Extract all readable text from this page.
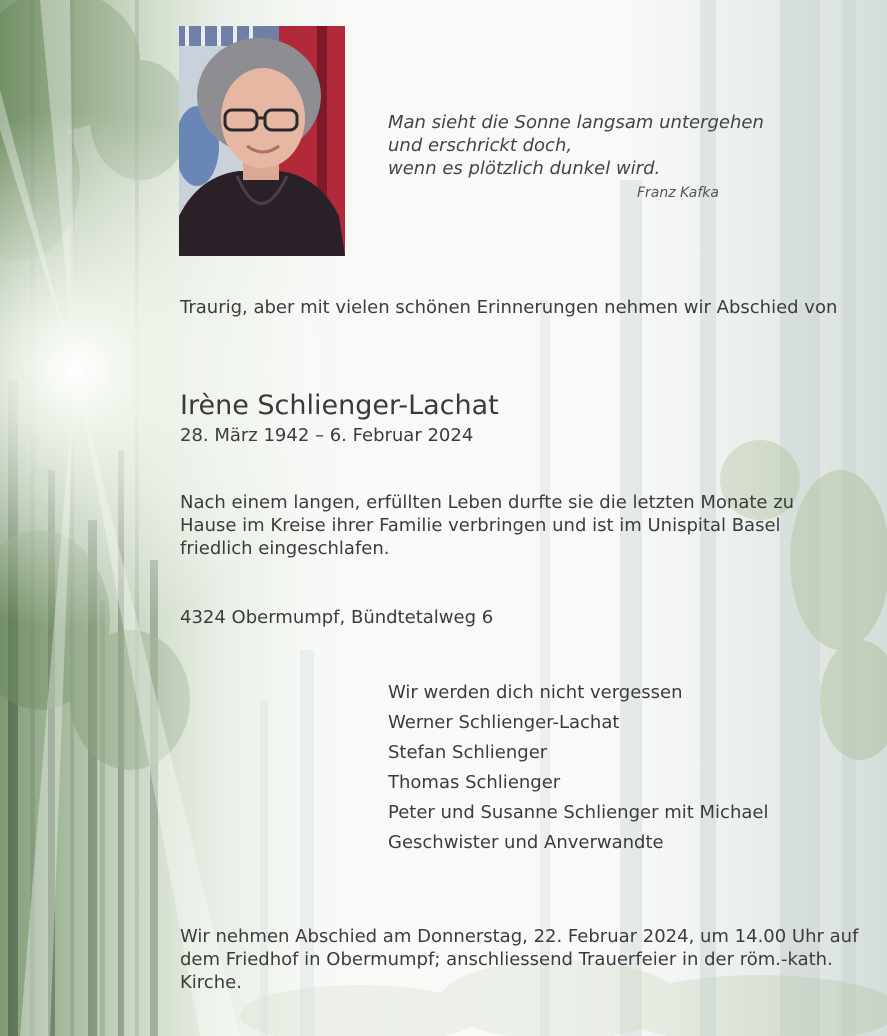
Man sieht die Sonne langsam untergehen
und erschrickt doch,
wenn es plötzlich dunkel wird.
Franz Kafka
Traurig, aber mit vielen schönen Erinnerungen nehmen wir Abschied von
Irène Schlienger-Lachat
28. März 1942 – 6. Februar 2024
Nach einem langen, erfüllten Leben durfte sie die letzten Monate zu Hause im Kreise ihrer Familie verbringen und ist im Unispital Basel friedlich eingeschlafen.
4324 Obermumpf, Bündtetalweg 6
Wir werden dich nicht vergessen
Werner Schlienger-Lachat
Stefan Schlienger
Thomas Schlienger
Peter und Susanne Schlienger mit Michael
Geschwister und Anverwandte
Wir nehmen Abschied am Donnerstag, 22. Februar 2024, um 14.00 Uhr auf dem Friedhof in Obermumpf; anschliessend Trauerfeier in der röm.-kath. Kirche.
